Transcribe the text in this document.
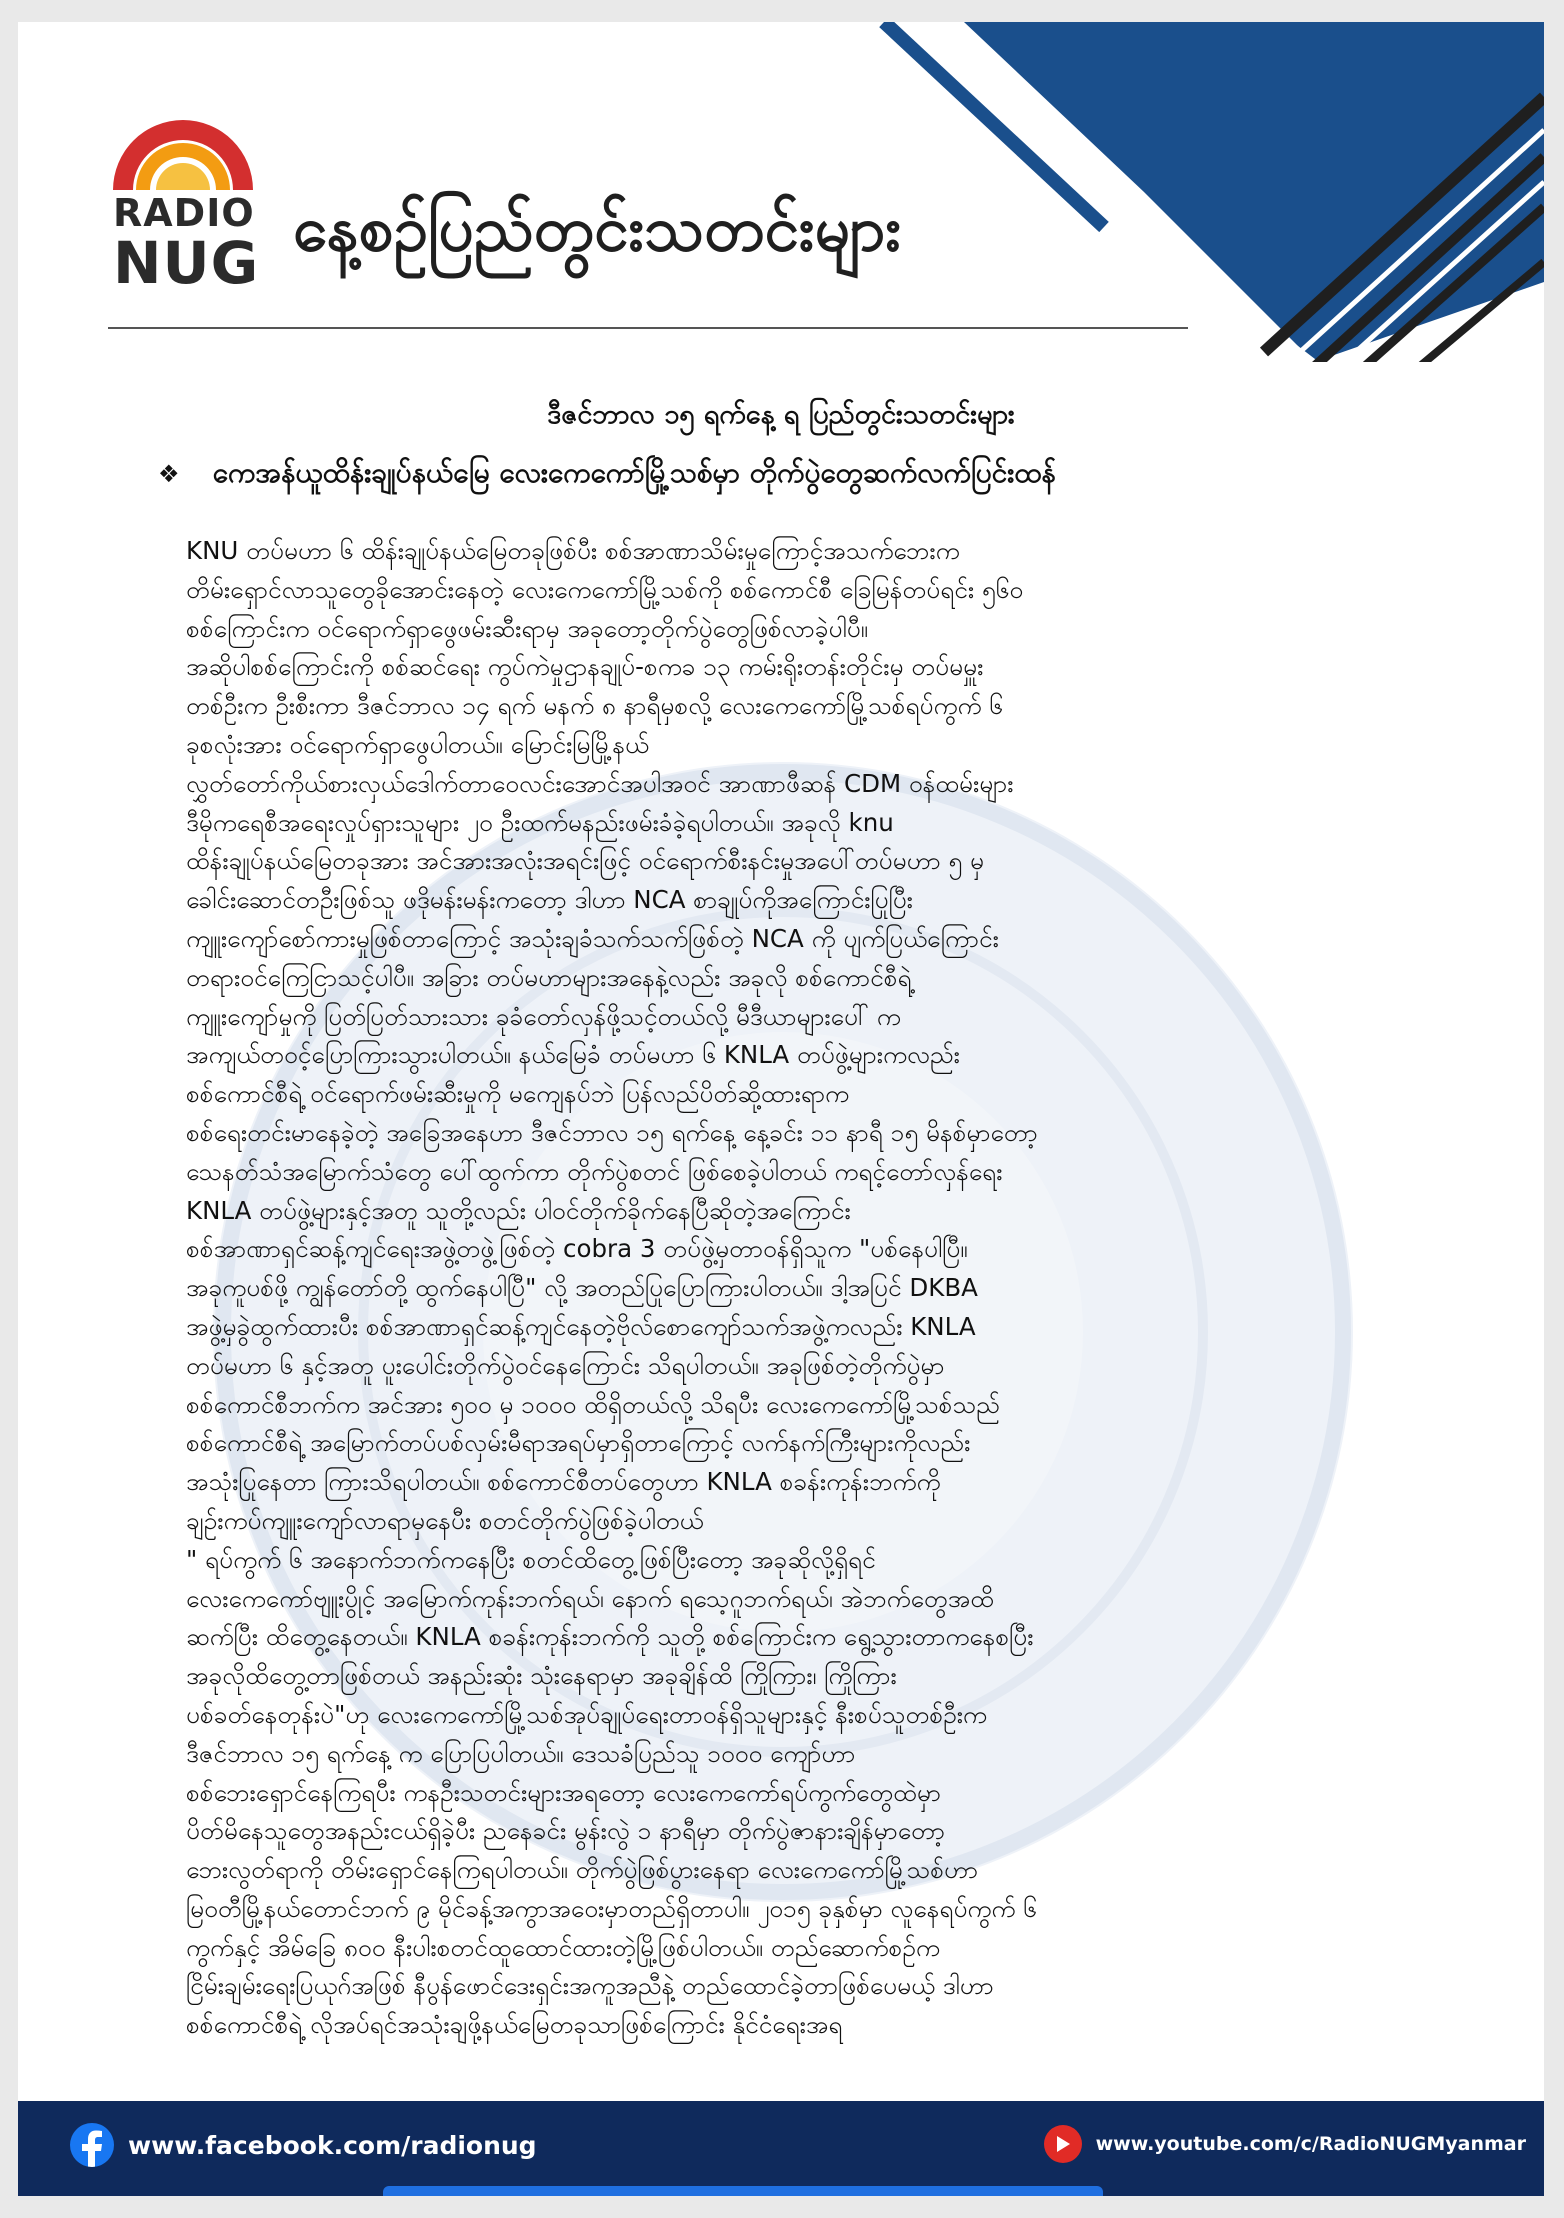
RADIO
NUG နေ့စဉ်ပြည်တွင်းသတင်းများ
ဒီဇင်ဘာလ ၁၅ ရက်နေ့ ရ ပြည်တွင်းသတင်းများ
❖ ကေအန်ယူထိန်းချုပ်နယ်မြေ လေးကေကော်မြို့သစ်မှာ တိုက်ပွဲတွေဆက်လက်ပြင်းထန်

KNU တပ်မဟာ ၆ ထိန်းချုပ်နယ်မြေတခုဖြစ်ပီး စစ်အာဏာသိမ်းမှုကြောင့်အသက်ဘေးက

တိမ်းရှောင်လာသူတွေခိုအောင်းနေတဲ့ လေးကေကော်မြို့သစ်ကို စစ်ကောင်စီ ခြေမြန်တပ်ရင်း ၅၆၀

စစ်ကြောင်းက ဝင်ရောက်ရှာဖွေဖမ်းဆီးရာမှ အခုတော့တိုက်ပွဲတွေဖြစ်လာခဲ့ပါပီ။

အဆိုပါစစ်ကြောင်းကို စစ်ဆင်ရေး ကွပ်ကဲမှုဌာနချုပ်-စကခ ၁၃ ကမ်းရိုးတန်းတိုင်းမှ တပ်မမှူး

တစ်ဦးက ဦးစီးကာ ဒီဇင်ဘာလ ၁၄ ရက် မနက် ၈ နာရီမှစလို့ လေးကေကော်မြို့သစ်ရပ်ကွက် ၆

ခုစလုံးအား ဝင်ရောက်ရှာဖွေပါတယ်။ မြောင်းမြမြို့နယ်

လွှတ်တော်ကိုယ်စားလှယ်ဒေါက်တာဝေလင်းအောင်အပါအဝင် အာဏာဖီဆန် CDM ဝန်ထမ်းများ

ဒီမိုကရေစီအရေးလှုပ်ရှားသူများ ၂၀ ဦးထက်မနည်းဖမ်းခံခဲ့ရပါတယ်။ အခုလို knu

ထိန်းချုပ်နယ်မြေတခုအား အင်အားအလုံးအရင်းဖြင့် ဝင်ရောက်စီးနင်းမှုအပေါ်တပ်မဟာ ၅ မှ

ခေါင်းဆောင်တဦးဖြစ်သူ ဖဒိုမန်းမန်းကတော့ ဒါဟာ NCA စာချုပ်ကိုအကြောင်းပြုပြီး

ကျူးကျော်စော်ကားမှုဖြစ်တာကြောင့် အသုံးချခံသက်သက်ဖြစ်တဲ့ NCA ကို ပျက်ပြယ်ကြောင်း

တရားဝင်ကြေငြာသင့်ပါပီ။ အခြား တပ်မဟာများအနေနဲ့လည်း အခုလို စစ်ကောင်စီရဲ့

ကျူးကျော်မှုကို ပြတ်ပြတ်သားသား ခုခံတော်လှန်ဖို့သင့်တယ်လို့ မီဒီယာများပေါ် က

အကျယ်တဝင့်ပြောကြားသွားပါတယ်။ နယ်မြေခံ တပ်မဟာ ၆ KNLA တပ်ဖွဲ့များကလည်း

စစ်ကောင်စီရဲ့ ဝင်ရောက်ဖမ်းဆီးမှုကို မကျေနပ်ဘဲ ပြန်လည်ပိတ်ဆို့ထားရာက

စစ်ရေးတင်းမာနေခဲ့တဲ့ အခြေအနေဟာ ဒီဇင်ဘာလ ၁၅ ရက်နေ့ နေ့ခင်း ၁၁ နာရီ ၁၅ မိနစ်မှာတော့

သေနတ်သံအမြောက်သံတွေ ပေါ်ထွက်ကာ တိုက်ပွဲစတင် ဖြစ်စေခဲ့ပါတယ် ကရင့်တော်လှန်ရေး

KNLA တပ်ဖွဲ့များနှင့်အတူ သူတို့လည်း ပါဝင်တိုက်ခိုက်နေပြီဆိုတဲ့အကြောင်း

စစ်အာဏာရှင်ဆန့်ကျင်ရေးအဖွဲ့တဖွဲ့ဖြစ်တဲ့ cobra 3 တပ်ဖွဲ့မှတာဝန်ရှိသူက "ပစ်နေပါပြီ။

အခုကူပစ်ဖို့ ကျွန်တော်တို့ ထွက်နေပါပြီ" လို့ အတည်ပြုပြောကြားပါတယ်။ ဒါ့အပြင် DKBA

အဖွဲ့မှခွဲထွက်ထားပီး စစ်အာဏာရှင်ဆန့်ကျင်နေတဲ့ဗိုလ်စောကျော်သက်အဖွဲ့ကလည်း KNLA

တပ်မဟာ ၆ နှင့်အတူ ပူးပေါင်းတိုက်ပွဲဝင်နေကြောင်း သိရပါတယ်။ အခုဖြစ်တဲ့တိုက်ပွဲမှာ

စစ်ကောင်စီဘက်က အင်အား ၅၀၀ မှ ၁၀၀၀ ထိရှိတယ်လို့ သိရပီး လေးကေကော်မြို့သစ်သည်

စစ်ကောင်စီရဲ့ အမြောက်တပ်ပစ်လှမ်းမီရာအရပ်မှာရှိတာကြောင့် လက်နက်ကြီးများကိုလည်း

အသုံးပြုနေတာ ကြားသိရပါတယ်။ စစ်ကောင်စီတပ်တွေဟာ KNLA စခန်းကုန်းဘက်ကို

ချဉ်းကပ်ကျူးကျော်လာရာမှနေပီး စတင်တိုက်ပွဲဖြစ်ခဲ့ပါတယ်

" ရပ်ကွက် ၆ အနောက်ဘက်ကနေပြီး စတင်ထိတွေ့ဖြစ်ပြီးတော့ အခုဆိုလို့ရှိရင်

လေးကေကော်ဗျူးပွိုင့် အမြောက်ကုန်းဘက်ရယ်၊ နောက် ရသေ့ဂူဘက်ရယ်၊ အဲဘက်တွေအထိ

ဆက်ပြီး ထိတွေ့နေတယ်။ KNLA စခန်းကုန်းဘက်ကို သူတို့ စစ်ကြောင်းက ရွေ့သွားတာကနေစပြီး

အခုလိုထိတွေ့တာဖြစ်တယ် အနည်းဆုံး သုံးနေရာမှာ အခုချိန်ထိ ကြိုကြား၊ ကြိုကြား

ပစ်ခတ်နေတုန်းပဲ"ဟု လေးကေကော်မြို့သစ်အုပ်ချုပ်ရေးတာဝန်ရှိသူများနှင့် နီးစပ်သူတစ်ဦးက

ဒီဇင်ဘာလ ၁၅ ရက်နေ့ က ပြောပြပါတယ်။ ဒေသခံပြည်သူ ၁၀၀၀ ကျော်ဟာ

စစ်ဘေးရှောင်နေကြရပီး ကနဦးသတင်းများအရတော့ လေးကေကော်ရပ်ကွက်တွေထဲမှာ

ပိတ်မိနေသူတွေအနည်းငယ်ရှိခဲ့ပီး ညနေခင်း မွန်းလွဲ ၁ နာရီမှာ တိုက်ပွဲဇာနားချိန်မှာတော့

ဘေးလွတ်ရာကို တိမ်းရှောင်နေကြရပါတယ်။ တိုက်ပွဲဖြစ်ပွားနေရာ လေးကေကော်မြို့သစ်ဟာ

မြဝတီမြို့နယ်တောင်ဘက် ၉ မိုင်ခန့်အကွာအဝေးမှာတည်ရှိတာပါ။ ၂၀၁၅ ခုနှစ်မှာ လူနေရပ်ကွက် ၆

ကွက်နှင့် အိမ်ခြေ ၈၀၀ နီးပါးစတင်ထူထောင်ထားတဲ့မြို့ဖြစ်ပါတယ်။ တည်ဆောက်စဉ်က

ငြိမ်းချမ်းရေးပြယုဂ်အဖြစ် နီပွန်ဖောင်ဒေးရှင်းအကူအညီနဲ့ တည်ထောင်ခဲ့တာဖြစ်ပေမယ့် ဒါဟာ

စစ်ကောင်စီရဲ့ လိုအပ်ရင်အသုံးချဖို့နယ်မြေတခုသာဖြစ်ကြောင်း နိုင်ငံရေးအရ

www.facebook.com/radionug	www.youtube.com/c/RadioNUGMyanmar
